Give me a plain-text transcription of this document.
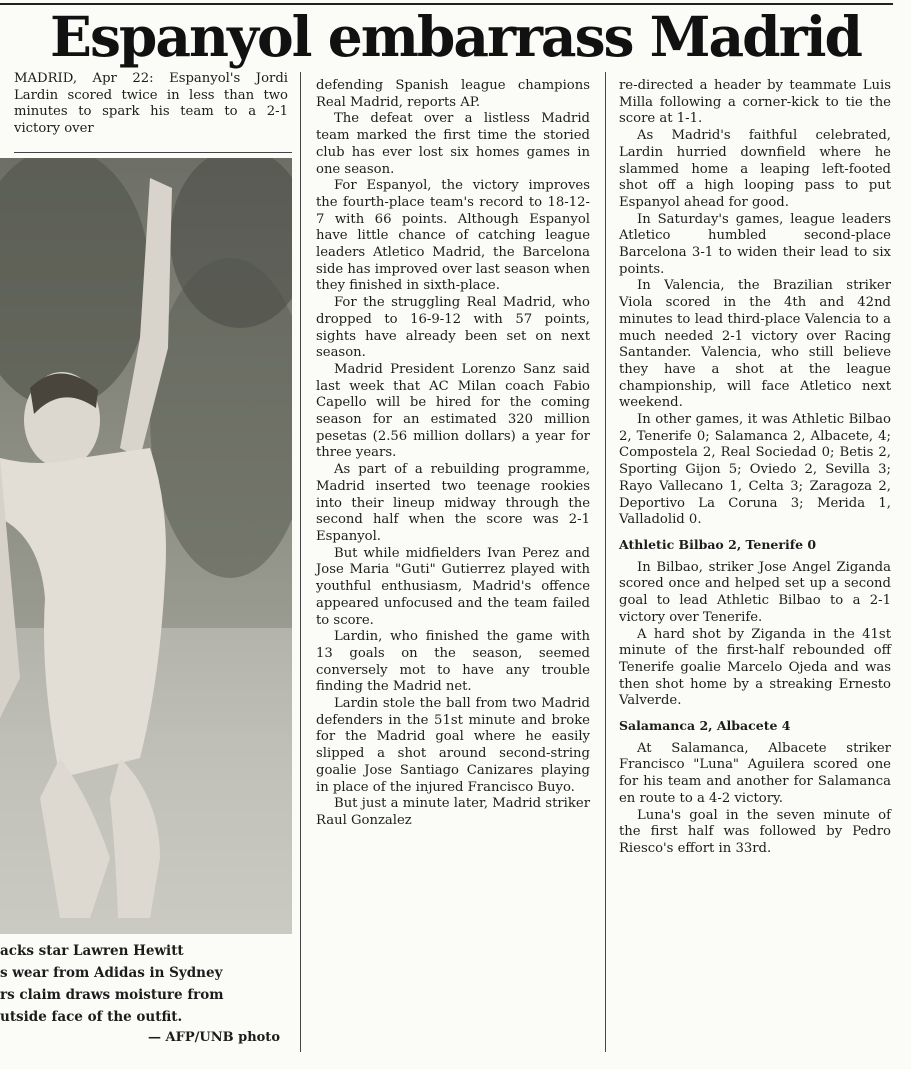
Espanyol embarrass Madrid

MADRID, Apr 22: Espanyol's Jordi Lardin scored twice in less than two minutes to spark his team to a 2-1 victory over

acks star Lawren Hewitt

s wear from Adidas in Sydney

rs claim draws moisture from

utside face of the outfit.

— AFP/UNB photo

defending Spanish league champions Real Madrid, reports AP.

The defeat over a listless Madrid team marked the first time the storied club has ever lost six homes games in one season.

For Espanyol, the victory improves the fourth-place team's record to 18-12-7 with 66 points. Although Espanyol have little chance of catching league leaders Atletico Madrid, the Barcelona side has improved over last season when they finished in sixth-place.

For the struggling Real Madrid, who dropped to 16-9-12 with 57 points, sights have already been set on next season.

Madrid President Lorenzo Sanz said last week that AC Milan coach Fabio Capello will be hired for the coming season for an estimated 320 million pesetas (2.56 million dollars) a year for three years.

As part of a rebuilding programme, Madrid inserted two teenage rookies into their lineup midway through the second half when the score was 2-1 Espanyol.

But while midfielders Ivan Perez and Jose Maria "Guti" Gutierrez played with youthful enthusiasm, Madrid's offence appeared unfocused and the team failed to score.

Lardin, who finished the game with 13 goals on the season, seemed conversely mot to have any trouble finding the Madrid net.

Lardin stole the ball from two Madrid defenders in the 51st minute and broke for the Madrid goal where he easily slipped a shot around second-string goalie Jose Santiago Canizares playing in place of the injured Francisco Buyo.

But just a minute later, Madrid striker Raul Gonzalez

re-directed a header by teammate Luis Milla following a corner-kick to tie the score at 1-1.

As Madrid's faithful celebrated, Lardin hurried downfield where he slammed home a leaping left-footed shot off a high looping pass to put Espanyol ahead for good.

In Saturday's games, league leaders Atletico humbled second-place Barcelona 3-1 to widen their lead to six points.

In Valencia, the Brazilian striker Viola scored in the 4th and 42nd minutes to lead third-place Valencia to a much needed 2-1 victory over Racing Santander. Valencia, who still believe they have a shot at the league championship, will face Atletico next weekend.

In other games, it was Athletic Bilbao 2, Tenerife 0; Salamanca 2, Albacete, 4; Compostela 2, Real Sociedad 0; Betis 2, Sporting Gijon 5; Oviedo 2, Sevilla 3; Rayo Vallecano 1, Celta 3; Zaragoza 2, Deportivo La Coruna 3; Merida 1, Valladolid 0.

Athletic Bilbao 2, Tenerife 0

In Bilbao, striker Jose Angel Ziganda scored once and helped set up a second goal to lead Athletic Bilbao to a 2-1 victory over Tenerife.

A hard shot by Ziganda in the 41st minute of the first-half rebounded off Tenerife goalie Marcelo Ojeda and was then shot home by a streaking Ernesto Valverde.

Salamanca 2, Albacete 4

At Salamanca, Albacete striker Francisco "Luna" Aguilera scored one for his team and another for Salamanca en route to a 4-2 victory.

Luna's goal in the seven minute of the first half was followed by Pedro Riesco's effort in 33rd.
